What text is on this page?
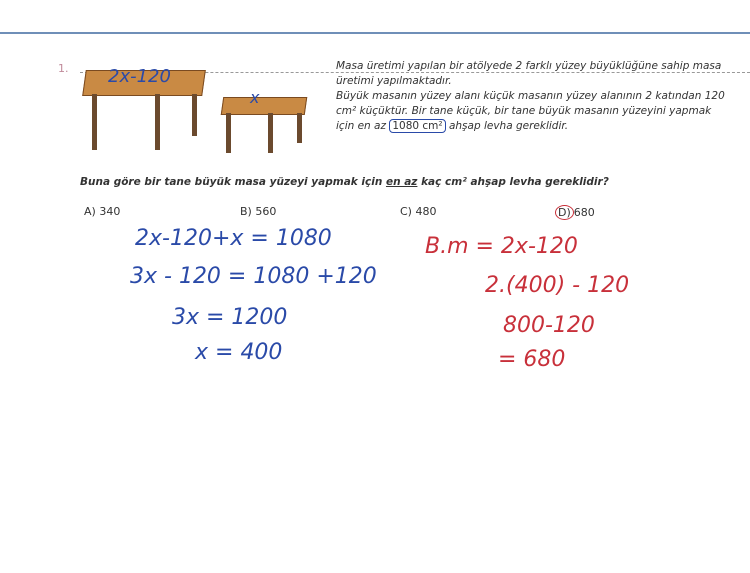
1. 2x-120
x
Masa üretimi yapılan bir atölyede 2 farklı yüzey büyüklüğüne sahip masa üretimi yapılmaktadır.
Büyük masanın yüzey alanı küçük masanın yüzey alanının 2 katından 120 cm² küçüktür. Bir tane küçük, bir tane büyük masanın yüzeyini yapmak için en az 1080 cm² ahşap levha gereklidir.
Buna göre bir tane büyük masa yüzeyi yapmak için en az kaç cm² ahşap levha gereklidir?
A) 340	B) 560	C) 480	D) 680
2x-120+x = 1080
3x - 120 = 1080 +120
3x = 1200
x = 400
B.m = 2x-120
2.(400) - 120
800-120
= 680
